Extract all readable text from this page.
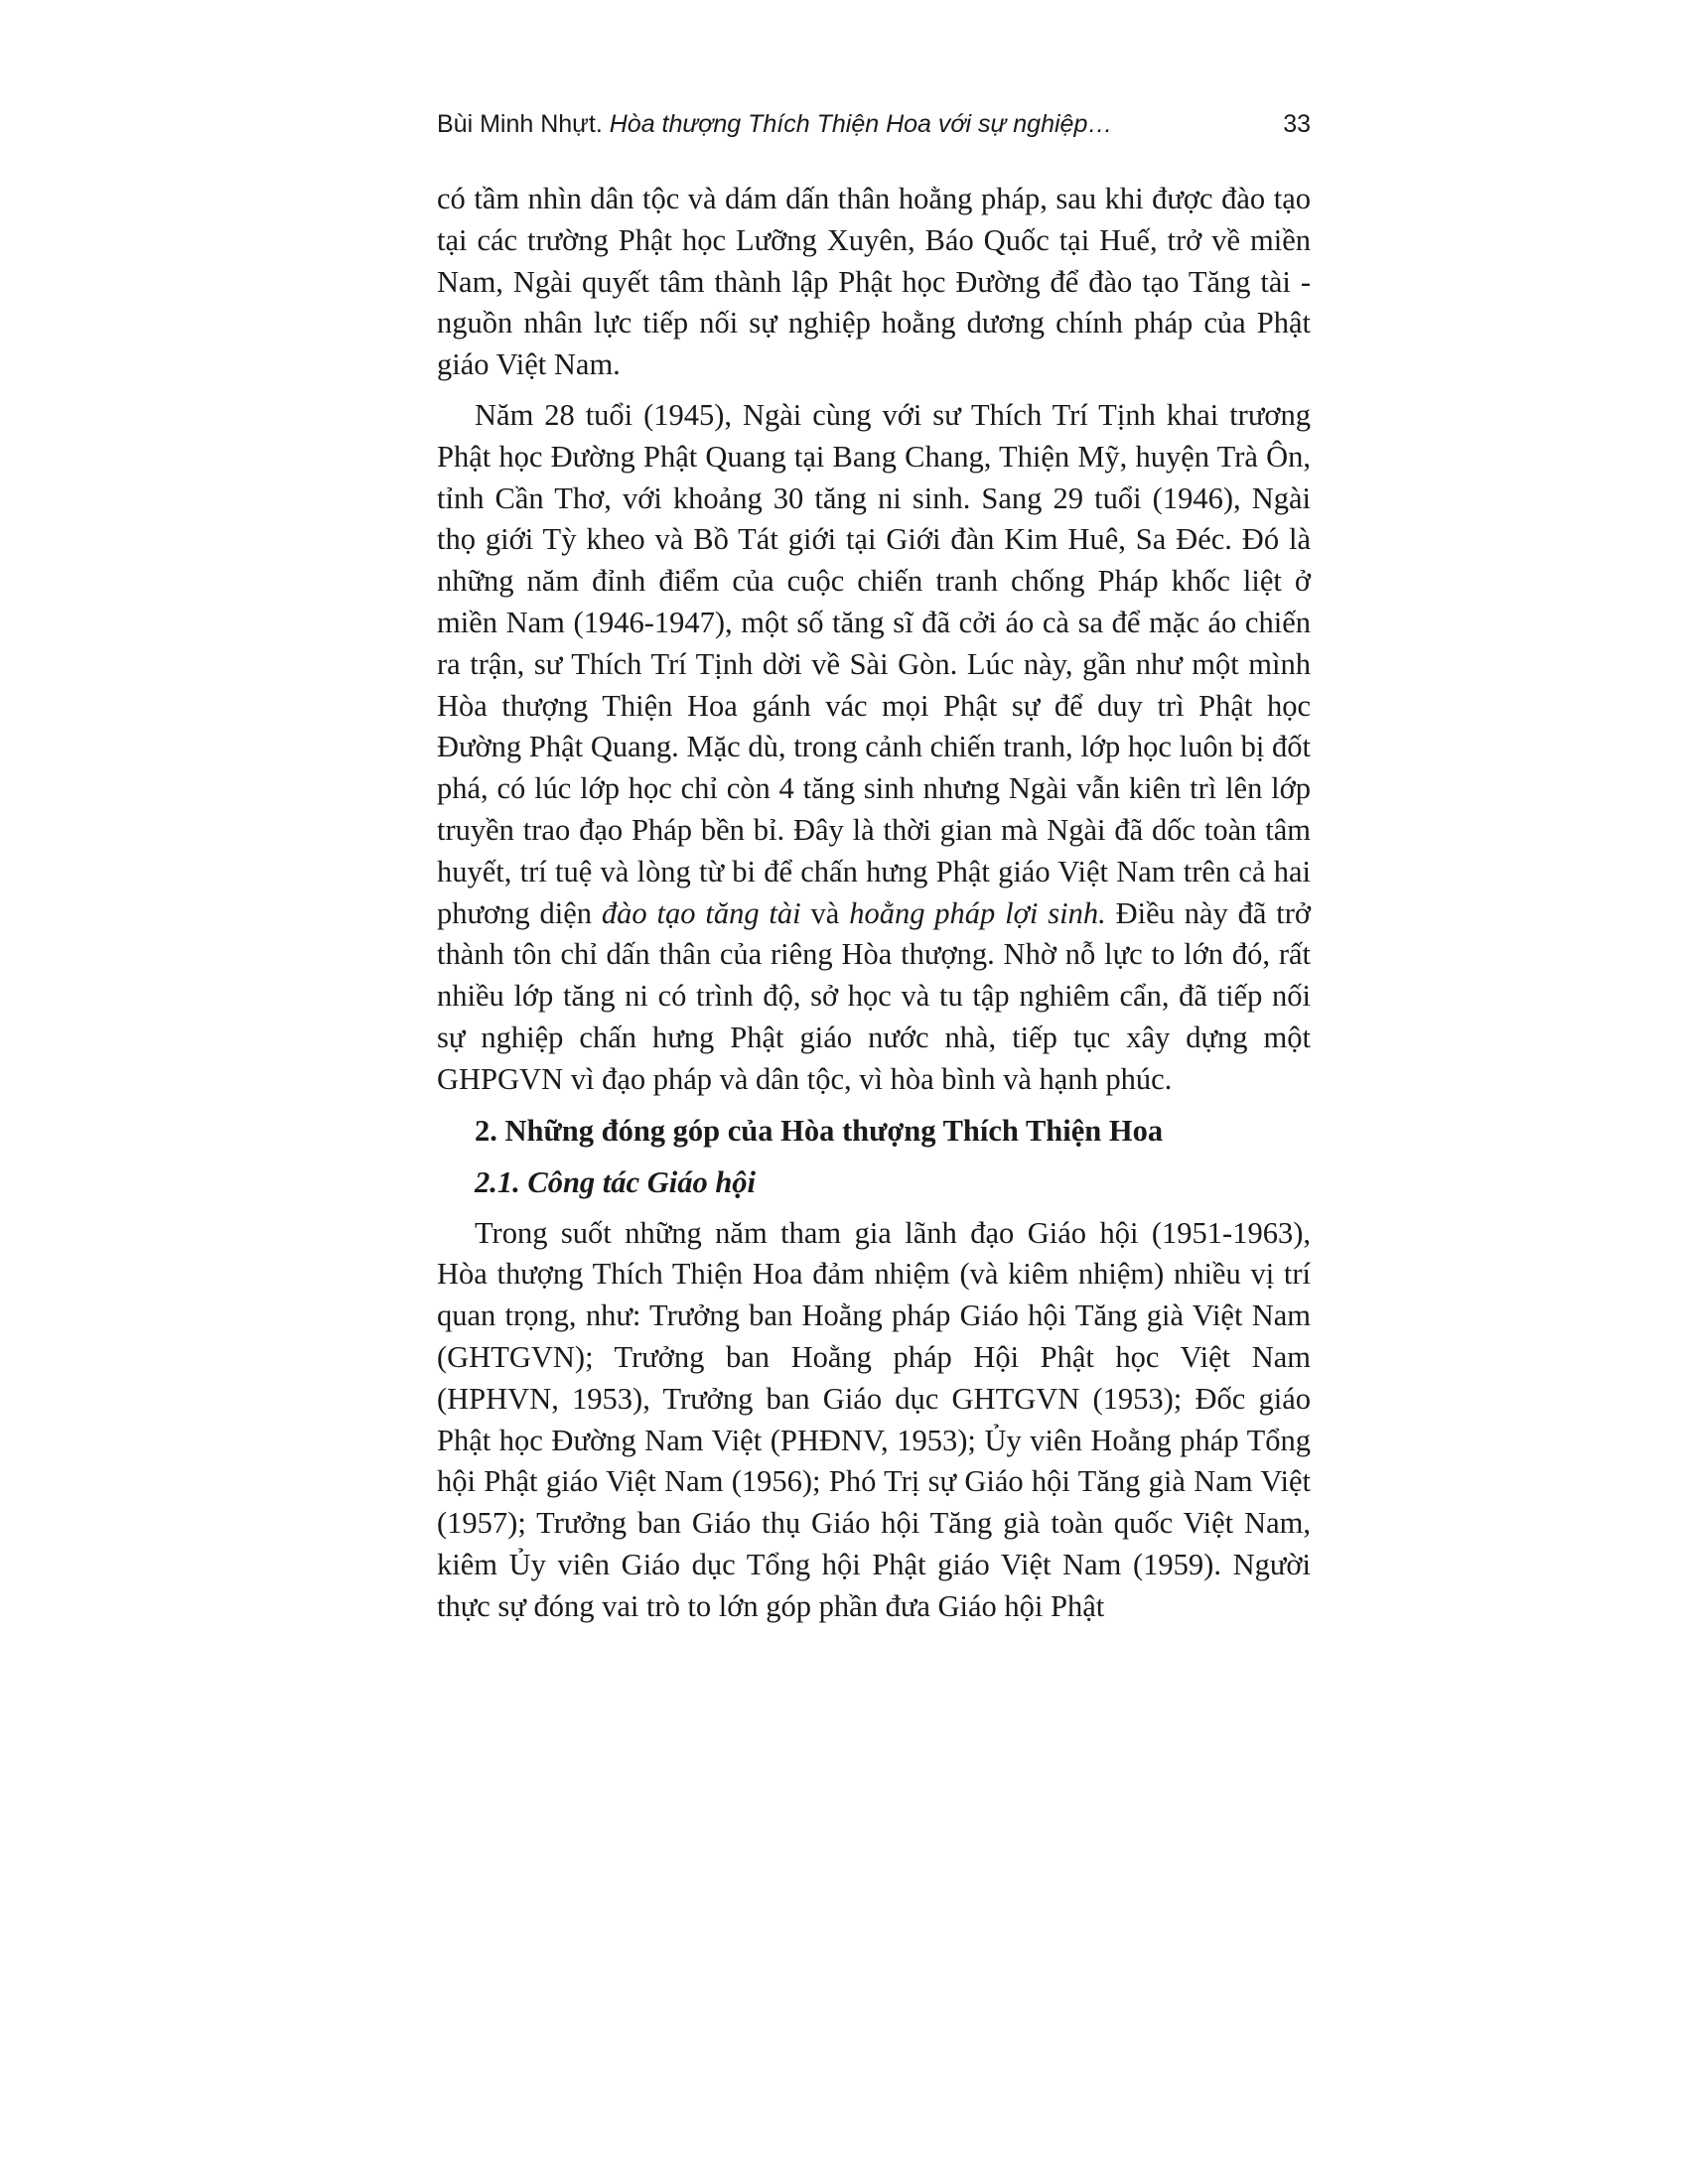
Bùi Minh Nhựt. Hòa thượng Thích Thiện Hoa với sự nghiệp…	33

có tầm nhìn dân tộc và dám dấn thân hoằng pháp, sau khi được đào tạo tại các trường Phật học Lưỡng Xuyên, Báo Quốc tại Huế, trở về miền Nam, Ngài quyết tâm thành lập Phật học Đường để đào tạo Tăng tài - nguồn nhân lực tiếp nối sự nghiệp hoằng dương chính pháp của Phật giáo Việt Nam.

Năm 28 tuổi (1945), Ngài cùng với sư Thích Trí Tịnh khai trương Phật học Đường Phật Quang tại Bang Chang, Thiện Mỹ, huyện Trà Ôn, tỉnh Cần Thơ, với khoảng 30 tăng ni sinh. Sang 29 tuổi (1946), Ngài thọ giới Tỳ kheo và Bồ Tát giới tại Giới đàn Kim Huê, Sa Đéc. Đó là những năm đỉnh điểm của cuộc chiến tranh chống Pháp khốc liệt ở miền Nam (1946-1947), một số tăng sĩ đã cởi áo cà sa để mặc áo chiến ra trận, sư Thích Trí Tịnh dời về Sài Gòn. Lúc này, gần như một mình Hòa thượng Thiện Hoa gánh vác mọi Phật sự để duy trì Phật học Đường Phật Quang. Mặc dù, trong cảnh chiến tranh, lớp học luôn bị đốt phá, có lúc lớp học chỉ còn 4 tăng sinh nhưng Ngài vẫn kiên trì lên lớp truyền trao đạo Pháp bền bỉ. Đây là thời gian mà Ngài đã dốc toàn tâm huyết, trí tuệ và lòng từ bi để chấn hưng Phật giáo Việt Nam trên cả hai phương diện đào tạo tăng tài và hoằng pháp lợi sinh. Điều này đã trở thành tôn chỉ dấn thân của riêng Hòa thượng. Nhờ nỗ lực to lớn đó, rất nhiều lớp tăng ni có trình độ, sở học và tu tập nghiêm cẩn, đã tiếp nối sự nghiệp chấn hưng Phật giáo nước nhà, tiếp tục xây dựng một GHPGVN vì đạo pháp và dân tộc, vì hòa bình và hạnh phúc.

2. Những đóng góp của Hòa thượng Thích Thiện Hoa
2.1. Công tác Giáo hội

Trong suốt những năm tham gia lãnh đạo Giáo hội (1951-1963), Hòa thượng Thích Thiện Hoa đảm nhiệm (và kiêm nhiệm) nhiều vị trí quan trọng, như: Trưởng ban Hoằng pháp Giáo hội Tăng già Việt Nam (GHTGVN); Trưởng ban Hoằng pháp Hội Phật học Việt Nam (HPHVN, 1953), Trưởng ban Giáo dục GHTGVN (1953); Đốc giáo Phật học Đường Nam Việt (PHĐNV, 1953); Ủy viên Hoằng pháp Tổng hội Phật giáo Việt Nam (1956); Phó Trị sự Giáo hội Tăng già Nam Việt (1957); Trưởng ban Giáo thụ Giáo hội Tăng già toàn quốc Việt Nam, kiêm Ủy viên Giáo dục Tổng hội Phật giáo Việt Nam (1959). Người thực sự đóng vai trò to lớn góp phần đưa Giáo hội Phật
